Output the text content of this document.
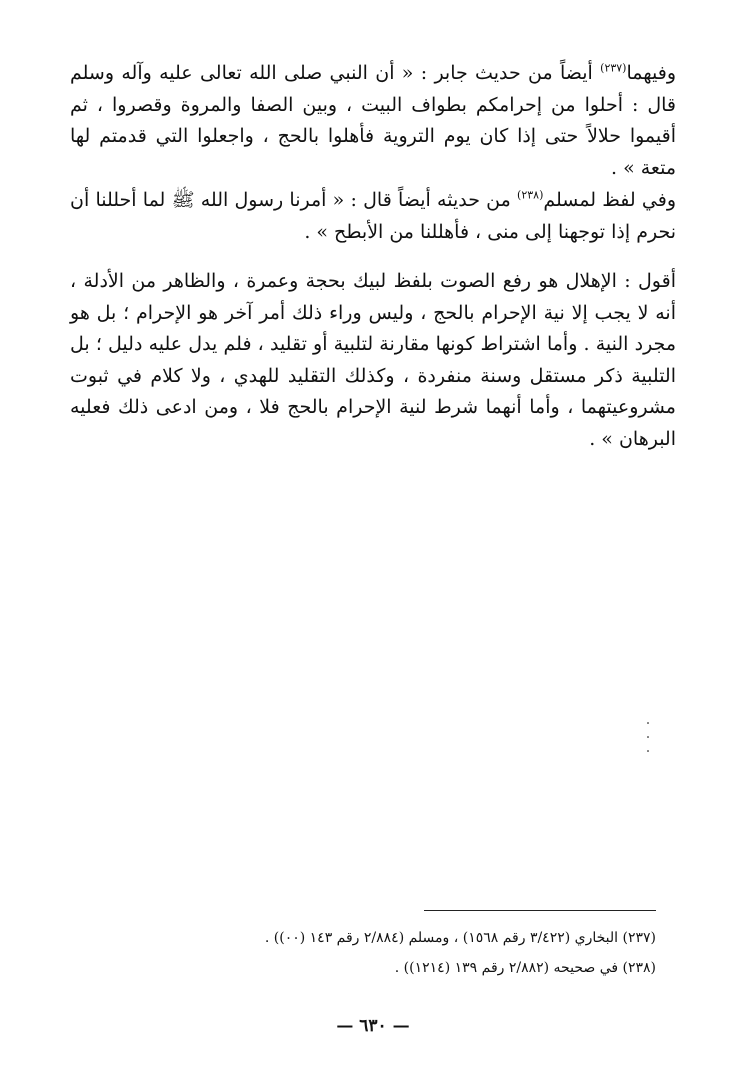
وفيهما$^{(٢٣٧)}$ أيضاً من حديث جابر : « أن النبي صلى الله تعالى عليه وآله وسلم قال : أحلوا من إحرامكم بطواف البيت ، وبين الصفا والمروة وقصروا ، ثم أقيموا حلالاً حتى إذا كان يوم التروية فأهلوا بالحج ، واجعلوا التي قدمتم لها متعة » .

وفي لفظ لمسلم$^{(٢٣٨)}$ من حديثه أيضاً قال : « أمرنا رسول الله ﷺ لما أحللنا أن نحرم إذا توجهنا إلى منى ، فأهللنا من الأبطح » .

أقول : الإهلال هو رفع الصوت بلفظ لبيك بحجة وعمرة ، والظاهر من الأدلة ، أنه لا يجب إلا نية الإحرام بالحج ، وليس وراء ذلك أمر آخر هو الإحرام ؛ بل هو مجرد النية . وأما اشتراط كونها مقارنة لتلبية أو تقليد ، فلم يدل عليه دليل ؛ بل التلبية ذكر مستقل وسنة منفردة ، وكذلك التقليد للهدي ، ولا كلام في ثبوت مشروعيتهما ، وأما أنهما شرط لنية الإحرام بالحج فلا ، ومن ادعى ذلك فعليه البرهان » .

(٢٣٧) البخاري (٣/٤٢٢ رقم ١٥٦٨) ، ومسلم (٢/٨٨٤ رقم ١٤٣ (٠٠)) .

(٢٣٨) في صحيحه (٢/٨٨٢ رقم ١٣٩ (١٢١٤)) .

— ٦٣٠ —
